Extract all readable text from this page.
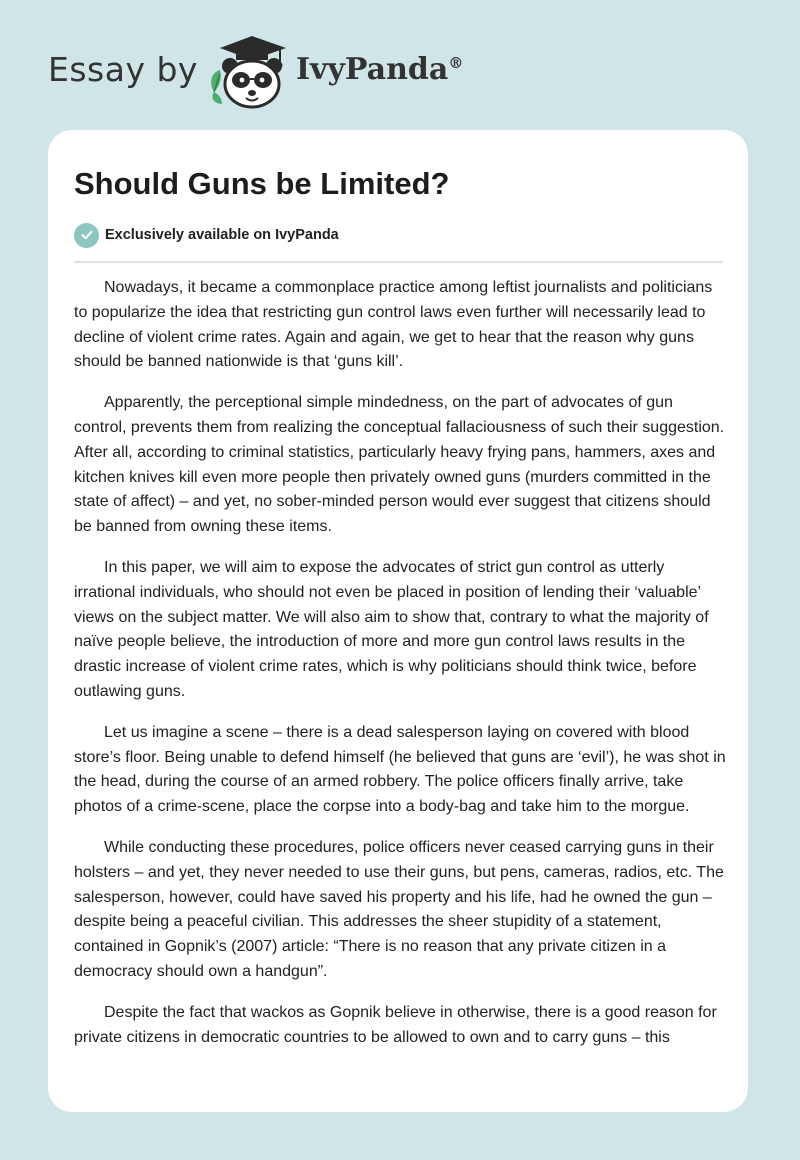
Essay by	IvyPanda®
Should Guns be Limited?
Exclusively available on IvyPanda

Nowadays, it became a commonplace practice among leftist journalists and politicians to popularize the idea that restricting gun control laws even further will necessarily lead to decline of violent crime rates. Again and again, we get to hear that the reason why guns should be banned nationwide is that ‘guns kill’.

Apparently, the perceptional simple mindedness, on the part of advocates of gun control, prevents them from realizing the conceptual fallaciousness of such their suggestion. After all, according to criminal statistics, particularly heavy frying pans, hammers, axes and kitchen knives kill even more people then privately owned guns (murders committed in the state of affect) – and yet, no sober-minded person would ever suggest that citizens should be banned from owning these items.

In this paper, we will aim to expose the advocates of strict gun control as utterly irrational individuals, who should not even be placed in position of lending their ‘valuable’ views on the subject matter. We will also aim to show that, contrary to what the majority of naïve people believe, the introduction of more and more gun control laws results in the drastic increase of violent crime rates, which is why politicians should think twice, before outlawing guns.

Let us imagine a scene – there is a dead salesperson laying on covered with blood store’s floor. Being unable to defend himself (he believed that guns are ‘evil’), he was shot in the head, during the course of an armed robbery. The police officers finally arrive, take photos of a crime-scene, place the corpse into a body-bag and take him to the morgue.

While conducting these procedures, police officers never ceased carrying guns in their holsters – and yet, they never needed to use their guns, but pens, cameras, radios, etc. The salesperson, however, could have saved his property and his life, had he owned the gun – despite being a peaceful civilian. This addresses the sheer stupidity of a statement, contained in Gopnik’s (2007) article: “There is no reason that any private citizen in a democracy should own a handgun”.

Despite the fact that wackos as Gopnik believe in otherwise, there is a good reason for private citizens in democratic countries to be allowed to own and to carry guns – this
